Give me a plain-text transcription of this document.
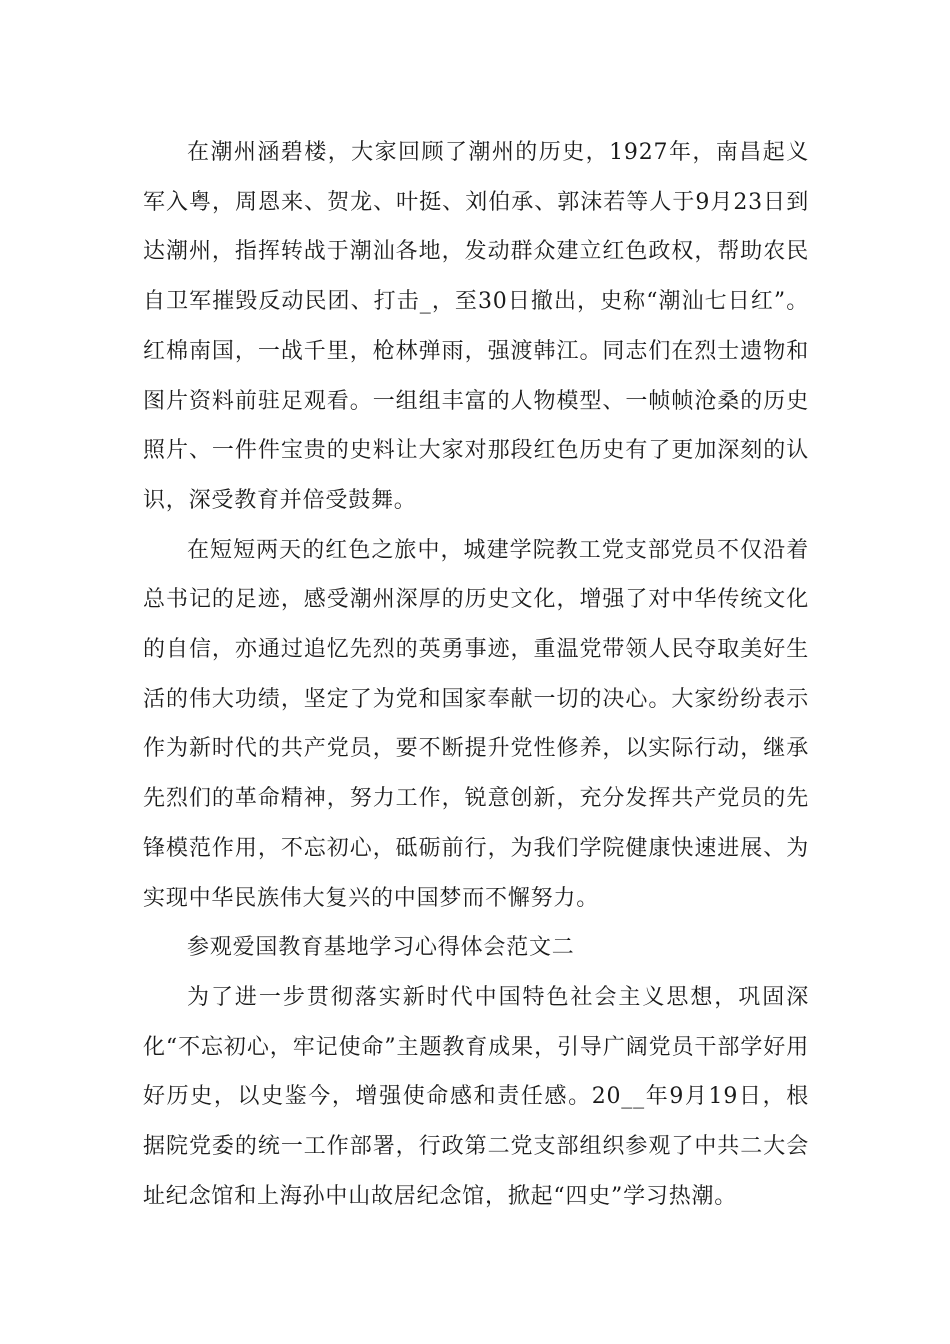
在潮州涵碧楼，大家回顾了潮州的历史，1927年，南昌起义军入粤，周恩来、贺龙、叶挺、刘伯承、郭沫若等人于9月23日到达潮州，指挥转战于潮汕各地，发动群众建立红色政权，帮助农民自卫军摧毁反动民团、打击_，至30日撤出，史称“潮汕七日红”。红棉南国，一战千里，枪林弹雨，强渡韩江。同志们在烈士遗物和图片资料前驻足观看。一组组丰富的人物模型、一帧帧沧桑的历史照片、一件件宝贵的史料让大家对那段红色历史有了更加深刻的认识，深受教育并倍受鼓舞。

在短短两天的红色之旅中，城建学院教工党支部党员不仅沿着总书记的足迹，感受潮州深厚的历史文化，增强了对中华传统文化的自信，亦通过追忆先烈的英勇事迹，重温党带领人民夺取美好生活的伟大功绩，坚定了为党和国家奉献一切的决心。大家纷纷表示作为新时代的共产党员，要不断提升党性修养，以实际行动，继承先烈们的革命精神，努力工作，锐意创新，充分发挥共产党员的先锋模范作用，不忘初心，砥砺前行，为我们学院健康快速进展、为实现中华民族伟大复兴的中国梦而不懈努力。

参观爱国教育基地学习心得体会范文二

为了进一步贯彻落实新时代中国特色社会主义思想，巩固深化“不忘初心，牢记使命”主题教育成果，引导广阔党员干部学好用好历史，以史鉴今，增强使命感和责任感。20__年9月19日，根据院党委的统一工作部署，行政第二党支部组织参观了中共二大会址纪念馆和上海孙中山故居纪念馆，掀起“四史”学习热潮。
